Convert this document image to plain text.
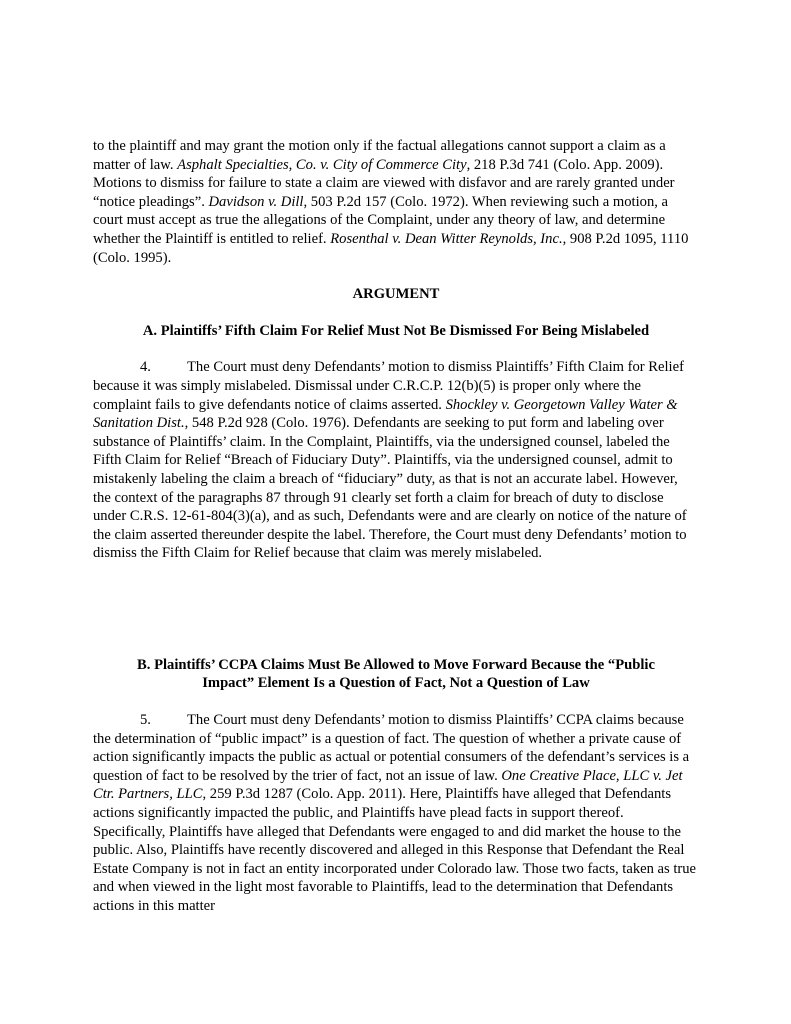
to the plaintiff and may grant the motion only if the factual allegations cannot support a claim as a matter of law. Asphalt Specialties, Co. v. City of Commerce City, 218 P.3d 741 (Colo. App. 2009). Motions to dismiss for failure to state a claim are viewed with disfavor and are rarely granted under “notice pleadings”. Davidson v. Dill, 503 P.2d 157 (Colo. 1972). When reviewing such a motion, a court must accept as true the allegations of the Complaint, under any theory of law, and determine whether the Plaintiff is entitled to relief. Rosenthal v. Dean Witter Reynolds, Inc., 908 P.2d 1095, 1110 (Colo. 1995).

ARGUMENT

A. Plaintiffs’ Fifth Claim For Relief Must Not Be Dismissed For Being Mislabeled

4. The Court must deny Defendants’ motion to dismiss Plaintiffs’ Fifth Claim for Relief because it was simply mislabeled. Dismissal under C.R.C.P. 12(b)(5) is proper only where the complaint fails to give defendants notice of claims asserted. Shockley v. Georgetown Valley Water & Sanitation Dist., 548 P.2d 928 (Colo. 1976). Defendants are seeking to put form and labeling over substance of Plaintiffs’ claim. In the Complaint, Plaintiffs, via the undersigned counsel, labeled the Fifth Claim for Relief “Breach of Fiduciary Duty”. Plaintiffs, via the undersigned counsel, admit to mistakenly labeling the claim a breach of “fiduciary” duty, as that is not an accurate label. However, the context of the paragraphs 87 through 91 clearly set forth a claim for breach of duty to disclose under C.R.S. 12-61-804(3)(a), and as such, Defendants were and are clearly on notice of the nature of the claim asserted thereunder despite the label. Therefore, the Court must deny Defendants’ motion to dismiss the Fifth Claim for Relief because that claim was merely mislabeled.

B. Plaintiffs’ CCPA Claims Must Be Allowed to Move Forward Because the “Public
Impact” Element Is a Question of Fact, Not a Question of Law

5. The Court must deny Defendants’ motion to dismiss Plaintiffs’ CCPA claims because the determination of “public impact” is a question of fact. The question of whether a private cause of action significantly impacts the public as actual or potential consumers of the defendant’s services is a question of fact to be resolved by the trier of fact, not an issue of law. One Creative Place, LLC v. Jet Ctr. Partners, LLC, 259 P.3d 1287 (Colo. App. 2011). Here, Plaintiffs have alleged that Defendants actions significantly impacted the public, and Plaintiffs have plead facts in support thereof. Specifically, Plaintiffs have alleged that Defendants were engaged to and did market the house to the public. Also, Plaintiffs have recently discovered and alleged in this Response that Defendant the Real Estate Company is not in fact an entity incorporated under Colorado law. Those two facts, taken as true and when viewed in the light most favorable to Plaintiffs, lead to the determination that Defendants actions in this matter
